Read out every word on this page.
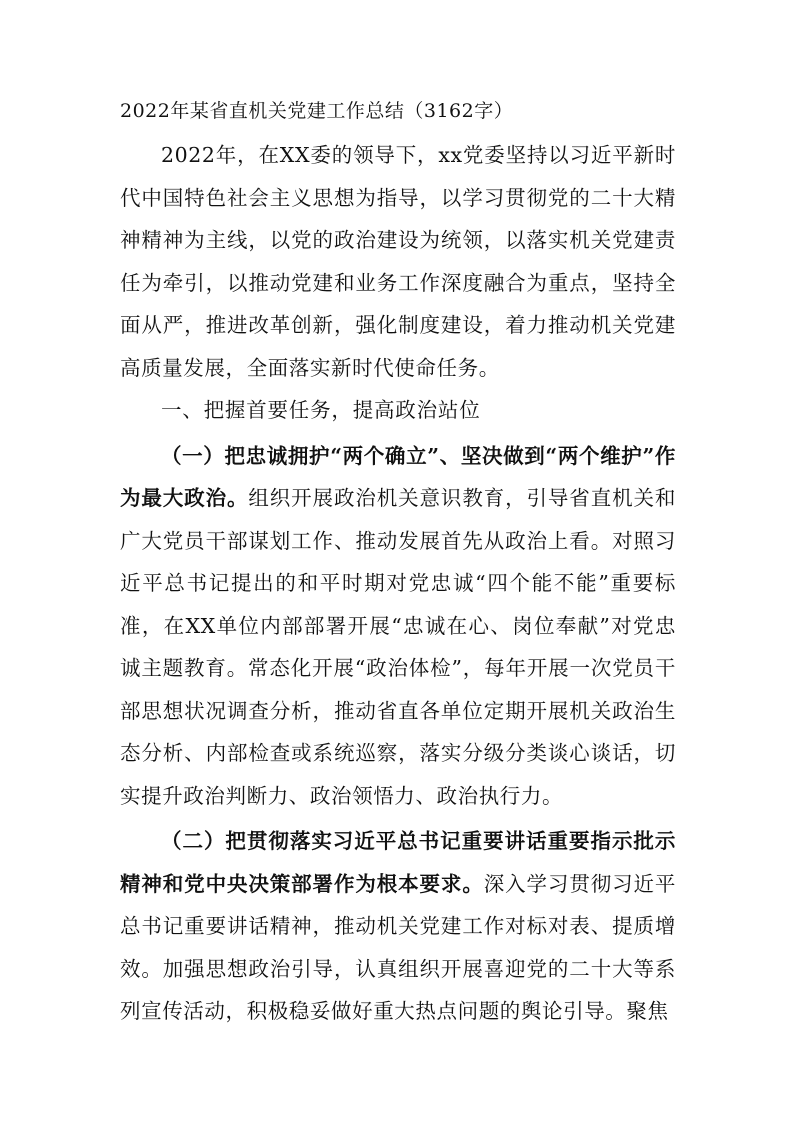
2022年某省直机关党建工作总结（3162字）

2022年，在XX委的领导下，xx党委坚持以习近平新时代中国特色社会主义思想为指导，以学习贯彻党的二十大精神精神为主线，以党的政治建设为统领，以落实机关党建责任为牵引，以推动党建和业务工作深度融合为重点，坚持全面从严，推进改革创新，强化制度建设，着力推动机关党建高质量发展，全面落实新时代使命任务。

一、把握首要任务，提高政治站位

（一）把忠诚拥护“两个确立”、坚决做到“两个维护”作为最大政治。组织开展政治机关意识教育，引导省直机关和广大党员干部谋划工作、推动发展首先从政治上看。对照习近平总书记提出的和平时期对党忠诚“四个能不能”重要标准，在XX单位内部部署开展“忠诚在心、岗位奉献”对党忠诚主题教育。常态化开展“政治体检”，每年开展一次党员干部思想状况调查分析，推动省直各单位定期开展机关政治生态分析、内部检查或系统巡察，落实分级分类谈心谈话，切实提升政治判断力、政治领悟力、政治执行力。

（二）把贯彻落实习近平总书记重要讲话重要指示批示精神和党中央决策部署作为根本要求。深入学习贯彻习近平总书记重要讲话精神，推动机关党建工作对标对表、提质增效。加强思想政治引导，认真组织开展喜迎党的二十大等系列宣传活动，积极稳妥做好重大热点问题的舆论引导。聚焦
